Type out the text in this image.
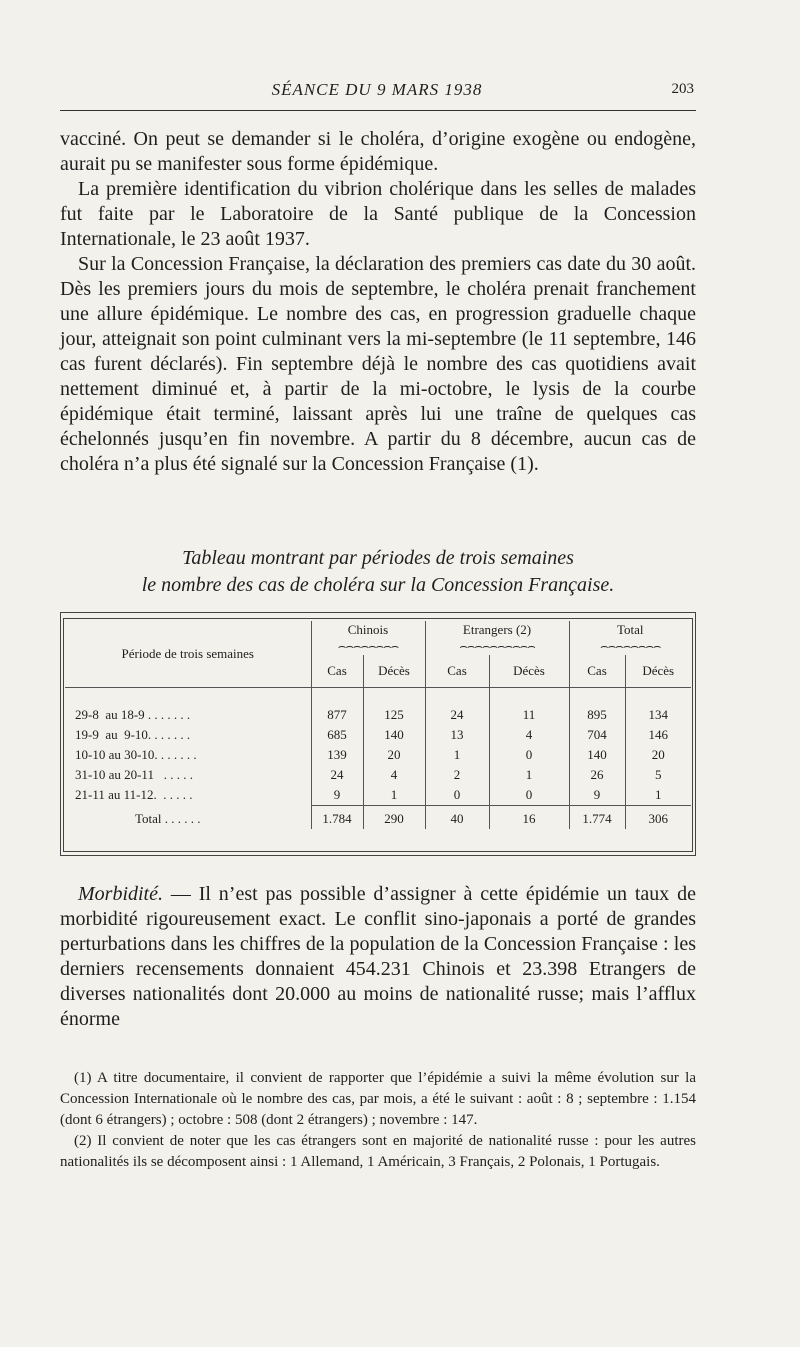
SÉANCE DU 9 MARS 1938	203

vacciné. On peut se demander si le choléra, d’origine exogène ou endogène, aurait pu se manifester sous forme épidémique.

La première identification du vibrion cholérique dans les selles de malades fut faite par le Laboratoire de la Santé publique de la Concession Internationale, le 23 août 1937.

Sur la Concession Française, la déclaration des premiers cas date du 30 août. Dès les premiers jours du mois de septembre, le choléra prenait franchement une allure épidémique. Le nombre des cas, en progression graduelle chaque jour, atteignait son point culminant vers la mi-septembre (le 11 septembre, 146 cas furent déclarés). Fin septembre déjà le nombre des cas quotidiens avait nettement diminué et, à partir de la mi-octobre, le lysis de la courbe épidémique était terminé, laissant après lui une traîne de quelques cas échelonnés jusqu’en fin novembre. A partir du 8 décembre, aucun cas de choléra n’a plus été signalé sur la Concession Française (1).

Tableau montrant par périodes de trois semaines
le nombre des cas de choléra sur la Concession Française.
Période de trois semaines	Chinois
⌢⌢⌢⌢⌢⌢⌢⌢		Etrangers (2)
⌢⌢⌢⌢⌢⌢⌢⌢⌢⌢		Total
⌢⌢⌢⌢⌢⌢⌢⌢	
	Cas	Décès	Cas	Décès	Cas	Décès
29-8  au 18-9 . . . . . . .	877	125	24	11	895	134
19-9  au  9-10. . . . . . .	685	140	13	4	704	146
10-10 au 30-10. . . . . . .	139	20	1	0	140	20
31-10 au 20-11   . . . . .	24	4	2	1	26	5
21-11 au 11-12.  . . . . .	9	1	0	0	9	1
Total . . . . . .	1.784	290	40	16	1.774	306

Morbidité. — Il n’est pas possible d’assigner à cette épidémie un taux de morbidité rigoureusement exact. Le conflit sino-japonais a porté de grandes perturbations dans les chiffres de la population de la Concession Française : les derniers recensements donnaient 454.231 Chinois et 23.398 Etrangers de diverses nationalités dont 20.000 au moins de nationalité russe; mais l’afflux énorme

(1) A titre documentaire, il convient de rapporter que l’épidémie a suivi la même évolution sur la Concession Internationale où le nombre des cas, par mois, a été le suivant : août : 8 ; septembre : 1.154 (dont 6 étrangers) ; octobre : 508 (dont 2 étrangers) ; novembre : 147.

(2) Il convient de noter que les cas étrangers sont en majorité de nationalité russe : pour les autres nationalités ils se décomposent ainsi : 1 Allemand, 1 Américain, 3 Français, 2 Polonais, 1 Portugais.
